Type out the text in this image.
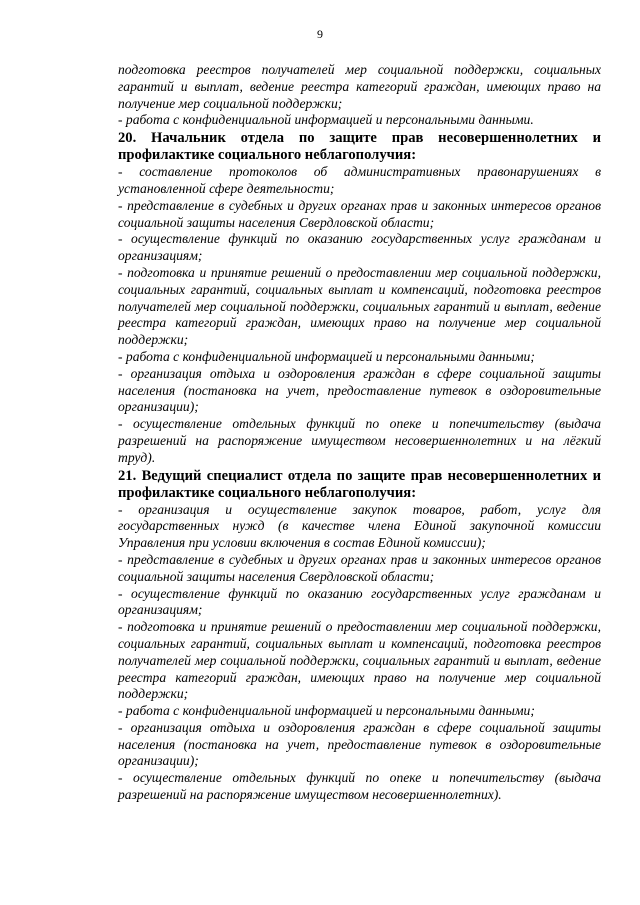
9

подготовка реестров получателей мер социальной поддержки, социальных гарантий и выплат, ведение реестра категорий граждан, имеющих право на получение мер социальной поддержки;

- работа с конфиденциальной информацией и персональными данными.

20. Начальник отдела по защите прав несовершеннолетних и профилактике социального неблагополучия:

- составление протоколов об административных правонарушениях в установленной сфере деятельности;

- представление в судебных и других органах прав и законных интересов органов социальной защиты населения Свердловской области;

- осуществление функций по оказанию государственных услуг гражданам и организациям;

- подготовка и принятие решений о предоставлении мер социальной поддержки, социальных гарантий, социальных выплат и компенсаций, подготовка реестров получателей мер социальной поддержки, социальных гарантий и выплат, ведение реестра категорий граждан, имеющих право на получение мер социальной поддержки;

- работа с конфиденциальной информацией и персональными данными;

- организация отдыха и оздоровления граждан в сфере социальной защиты населения (постановка на учет, предоставление путевок в оздоровительные организации);

- осуществление отдельных функций по опеке и попечительству (выдача разрешений на распоряжение имуществом несовершеннолетних и на лёгкий труд).

21. Ведущий специалист отдела по защите прав несовершеннолетних и профилактике социального неблагополучия:

- организация и осуществление закупок товаров, работ, услуг для государственных нужд (в качестве члена Единой закупочной комиссии Управления при условии включения в состав Единой комиссии);

- представление в судебных и других органах прав и законных интересов органов социальной защиты населения Свердловской области;

- осуществление функций по оказанию государственных услуг гражданам и организациям;

- подготовка и принятие решений о предоставлении мер социальной поддержки, социальных гарантий, социальных выплат и компенсаций, подготовка реестров получателей мер социальной поддержки, социальных гарантий и выплат, ведение реестра категорий граждан, имеющих право на получение мер социальной поддержки;

- работа с конфиденциальной информацией и персональными данными;

- организация отдыха и оздоровления граждан в сфере социальной защиты населения (постановка на учет, предоставление путевок в оздоровительные организации);

- осуществление отдельных функций по опеке и попечительству (выдача разрешений на распоряжение имуществом несовершеннолетних).
